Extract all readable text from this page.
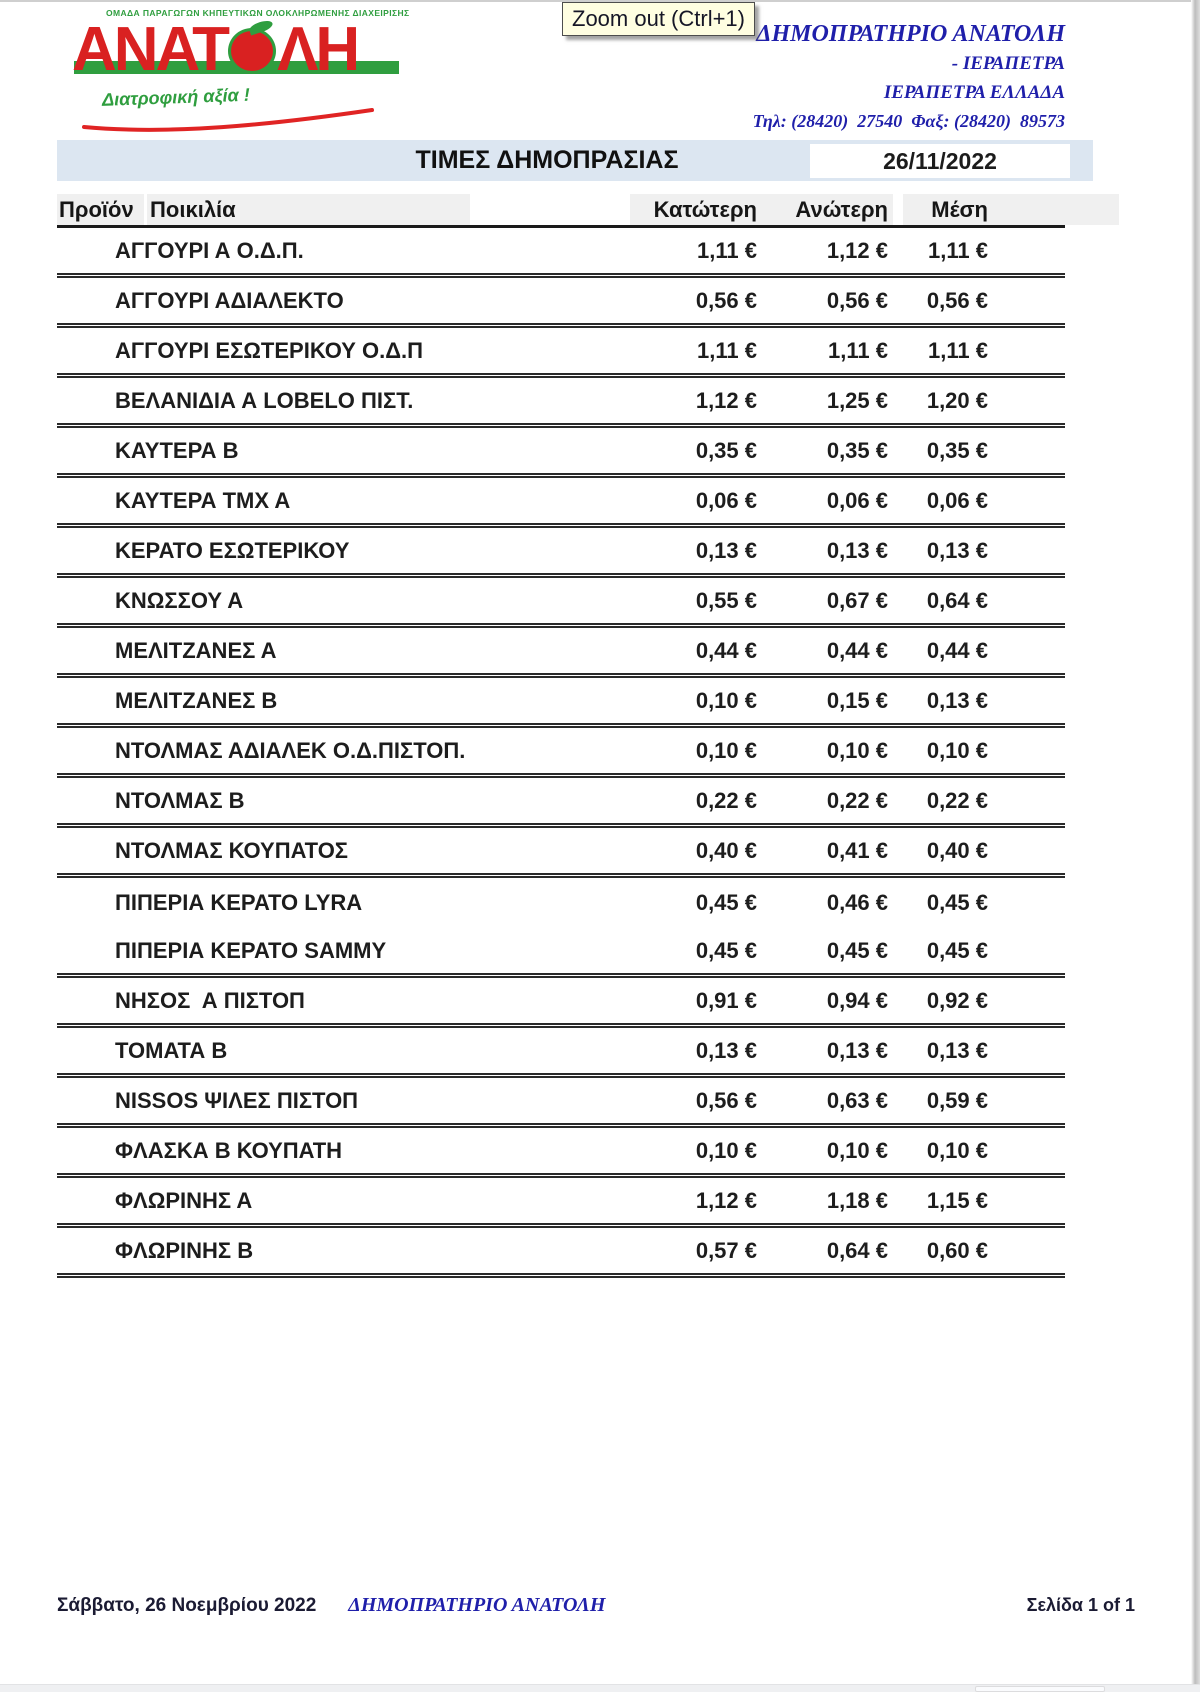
Zoom out (Ctrl+1)
ΟΜΑΔΑ ΠΑΡΑΓΩΓΩΝ ΚΗΠΕΥΤΙΚΩΝ ΟΛΟΚΛΗΡΩΜΕΝΗΣ ΔΙΑΧΕΙΡΙΣΗΣ
ΑΝΑΤ ΛΗ
Διατροφική αξία !
ΔΗΜΟΠΡΑΤΗΡΙΟ ΑΝΑΤΟΛΗ
- ΙΕΡΑΠΕΤΡΑ
ΙΕΡΑΠΕΤΡΑ ΕΛΛΑΔΑ
Τηλ: (28420)  27540  Φαξ: (28420)  89573
ΤΙΜΕΣ ΔΗΜΟΠΡΑΣΙΑΣ	26/11/2022
Προϊόν Ποικιλία	Κατώτερη	Ανώτερη	Μέση
ΑΓΓΟΥΡΙ Α Ο.Δ.Π.	1,11 €	1,12 €	1,11 €
ΑΓΓΟΥΡΙ ΑΔΙΑΛΕΚΤΟ	0,56 €	0,56 €	0,56 €
ΑΓΓΟΥΡΙ ΕΣΩΤΕΡΙΚΟΥ Ο.Δ.Π	1,11 €	1,11 €	1,11 €
ΒΕΛΑΝΙΔΙΑ Α LOBELO ΠΙΣΤ.	1,12 €	1,25 €	1,20 €
ΚΑΥΤΕΡΑ Β	0,35 €	0,35 €	0,35 €
ΚΑΥΤΕΡΑ ΤΜΧ Α	0,06 €	0,06 €	0,06 €
ΚΕΡΑΤΟ ΕΣΩΤΕΡΙΚΟΥ	0,13 €	0,13 €	0,13 €
ΚΝΩΣΣΟΥ Α	0,55 €	0,67 €	0,64 €
ΜΕΛΙΤΖΑΝΕΣ Α	0,44 €	0,44 €	0,44 €
ΜΕΛΙΤΖΑΝΕΣ Β	0,10 €	0,15 €	0,13 €
ΝΤΟΛΜΑΣ ΑΔΙΑΛΕΚ Ο.Δ.ΠΙΣΤΟΠ.	0,10 €	0,10 €	0,10 €
ΝΤΟΛΜΑΣ Β	0,22 €	0,22 €	0,22 €
ΝΤΟΛΜΑΣ ΚΟΥΠΑΤΟΣ	0,40 €	0,41 €	0,40 €
ΠΙΠΕΡΙΑ ΚΕΡΑΤΟ LYRA	0,45 €	0,46 €	0,45 €
ΠΙΠΕΡΙΑ ΚΕΡΑΤΟ SAMMY	0,45 €	0,45 €	0,45 €
ΝΗΣΟΣ  Α ΠΙΣΤΟΠ	0,91 €	0,94 €	0,92 €
ΤΟΜΑΤΑ Β	0,13 €	0,13 €	0,13 €
NISSOS ΨΙΛΕΣ ΠΙΣΤΟΠ	0,56 €	0,63 €	0,59 €
ΦΛΑΣΚΑ Β ΚΟΥΠΑΤΗ	0,10 €	0,10 €	0,10 €
ΦΛΩΡΙΝΗΣ Α	1,12 €	1,18 €	1,15 €
ΦΛΩΡΙΝΗΣ Β	0,57 €	0,64 €	0,60 €
Σάββατο, 26 Νοεμβρίου 2022 ΔΗΜΟΠΡΑΤΗΡΙΟ ΑΝΑΤΟΛΗ	Σελίδα 1 of 1
